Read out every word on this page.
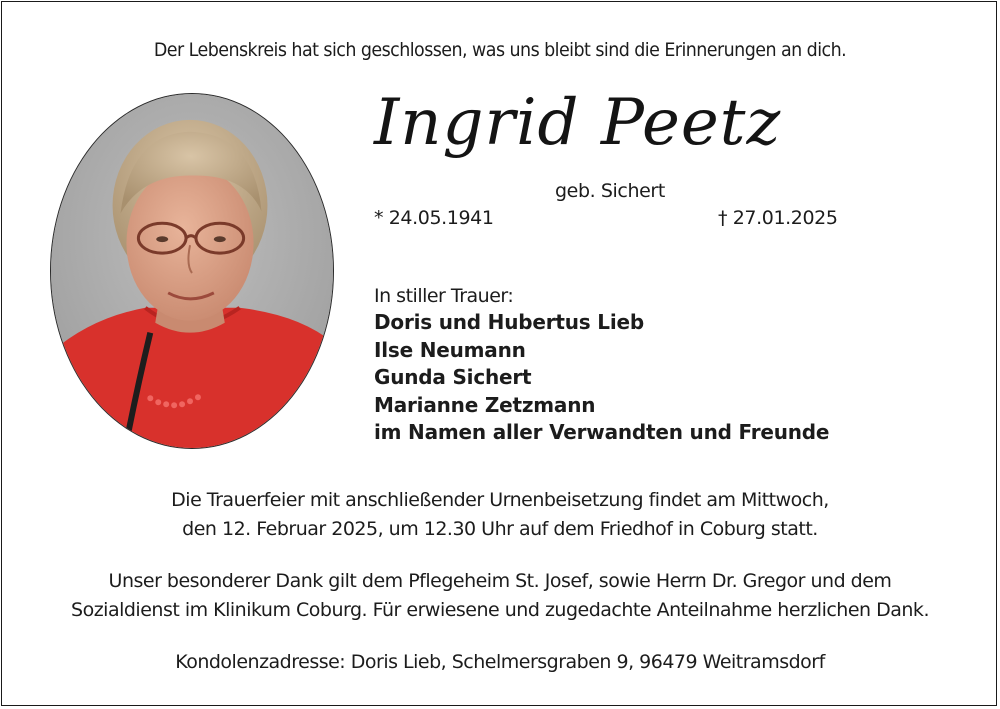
Der Lebenskreis hat sich geschlossen, was uns bleibt sind die Erinnerungen an dich.
Ingrid Peetz
geb. Sichert
* 24.05.1941	† 27.01.2025
In stiller Trauer:
Doris und Hubertus Lieb
Ilse Neumann
Gunda Sichert
Marianne Zetzmann
im Namen aller Verwandten und Freunde
Die Trauerfeier mit anschließender Urnenbeisetzung findet am Mittwoch,
den 12. Februar 2025, um 12.30 Uhr auf dem Friedhof in Coburg statt.
Unser besonderer Dank gilt dem Pflegeheim St. Josef, sowie Herrn Dr. Gregor und dem
Sozialdienst im Klinikum Coburg. Für erwiesene und zugedachte Anteilnahme herzlichen Dank.
Kondolenzadresse: Doris Lieb, Schelmersgraben 9, 96479 Weitramsdorf
